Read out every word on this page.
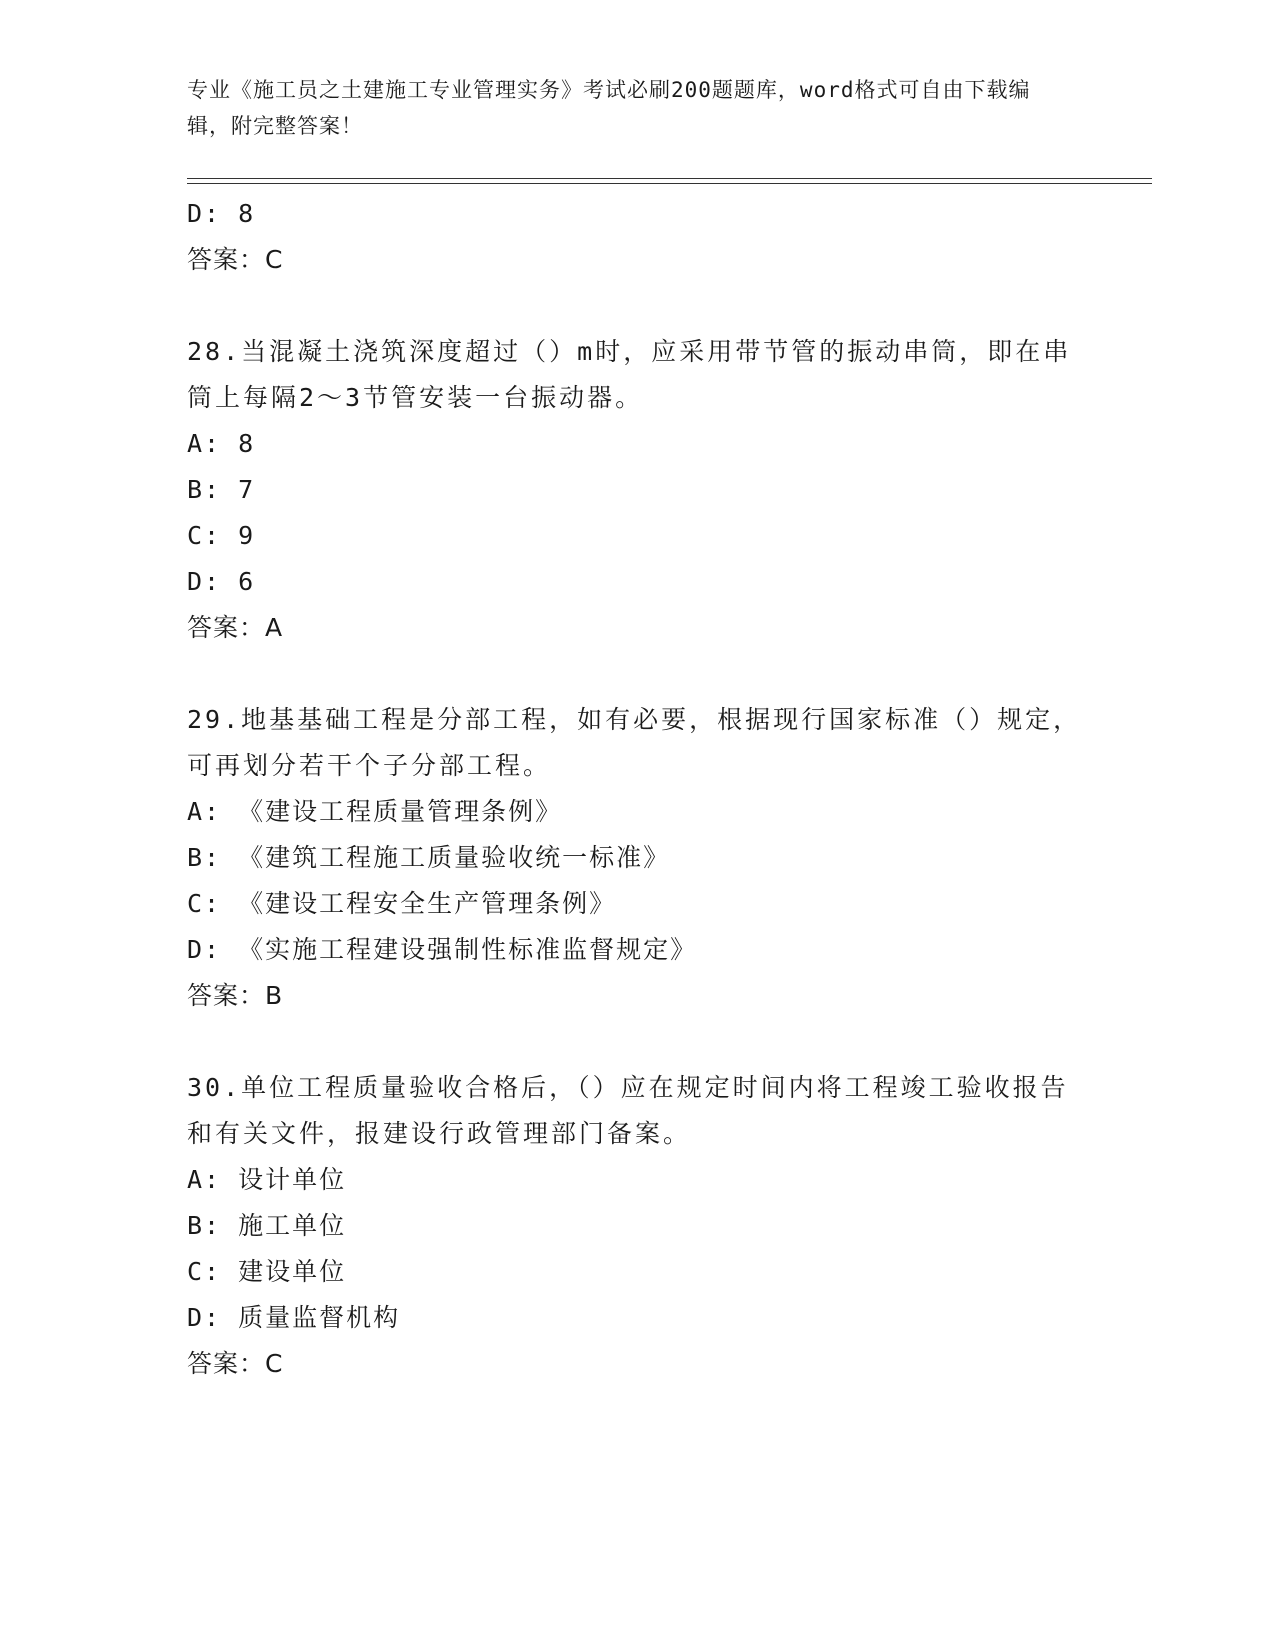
专业《施工员之土建施工专业管理实务》考试必刷200题题库，word格式可自由下载编辑，附完整答案！
D: 8
答案：C
28.当混凝土浇筑深度超过（）m时，应采用带节管的振动串筒，即在串筒上每隔2～3节管安装一台振动器。
A: 8
B: 7
C: 9
D: 6
答案：A
29.地基基础工程是分部工程，如有必要，根据现行国家标准（）规定，可再划分若干个子分部工程。
A: 《建设工程质量管理条例》
B: 《建筑工程施工质量验收统一标准》
C: 《建设工程安全生产管理条例》
D: 《实施工程建设强制性标准监督规定》
答案：B
30.单位工程质量验收合格后，（）应在规定时间内将工程竣工验收报告和有关文件，报建设行政管理部门备案。
A: 设计单位
B: 施工单位
C: 建设单位
D: 质量监督机构
答案：C
